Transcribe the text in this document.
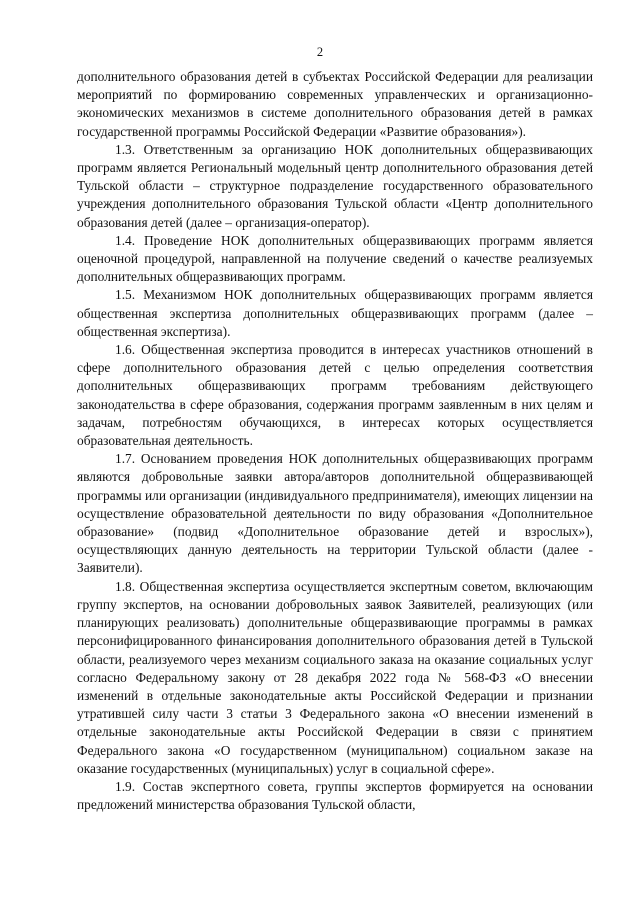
2

дополнительного образования детей в субъектах Российской Федерации для реализации мероприятий по формированию современных управленческих и организационно-экономических механизмов в системе дополнительного образования детей в рамках государственной программы Российской Федерации «Развитие образования»).

1.3. Ответственным за организацию НОК дополнительных общеразвивающих программ является Региональный модельный центр дополнительного образования детей Тульской области – структурное подразделение государственного образовательного учреждения дополнительного образования Тульской области «Центр дополнительного образования детей (далее – организация-оператор).

1.4. Проведение НОК дополнительных общеразвивающих программ является оценочной процедурой, направленной на получение сведений о качестве реализуемых дополнительных общеразвивающих программ.

1.5. Механизмом НОК дополнительных общеразвивающих программ является общественная экспертиза дополнительных общеразвивающих программ (далее – общественная экспертиза).

1.6. Общественная экспертиза проводится в интересах участников отношений в сфере дополнительного образования детей с целью определения соответствия дополнительных общеразвивающих программ требованиям действующего законодательства в сфере образования, содержания программ заявленным в них целям и задачам, потребностям обучающихся, в интересах которых осуществляется образовательная деятельность.

1.7. Основанием проведения НОК дополнительных общеразвивающих программ являются добровольные заявки автора/авторов дополнительной общеразвивающей программы или организации (индивидуального предпринимателя), имеющих лицензии на осуществление образовательной деятельности по виду образования «Дополнительное образование» (подвид «Дополнительное образование детей и взрослых»), осуществляющих данную деятельность на территории Тульской области (далее - Заявители).

1.8. Общественная экспертиза осуществляется экспертным советом, включающим группу экспертов, на основании добровольных заявок Заявителей, реализующих (или планирующих реализовать) дополнительные общеразвивающие программы в рамках персонифицированного финансирования дополнительного образования детей в Тульской области, реализуемого через механизм социального заказа на оказание социальных услуг согласно Федеральному закону от 28 декабря 2022 года № 568-ФЗ «О внесении изменений в отдельные законодательные акты Российской Федерации и признании утратившей силу части 3 статьи 3 Федерального закона «О внесении изменений в отдельные законодательные акты Российской Федерации в связи с принятием Федерального закона «О государственном (муниципальном) социальном заказе на оказание государственных (муниципальных) услуг в социальной сфере».

1.9. Состав экспертного совета, группы экспертов формируется на основании предложений министерства образования Тульской области,
